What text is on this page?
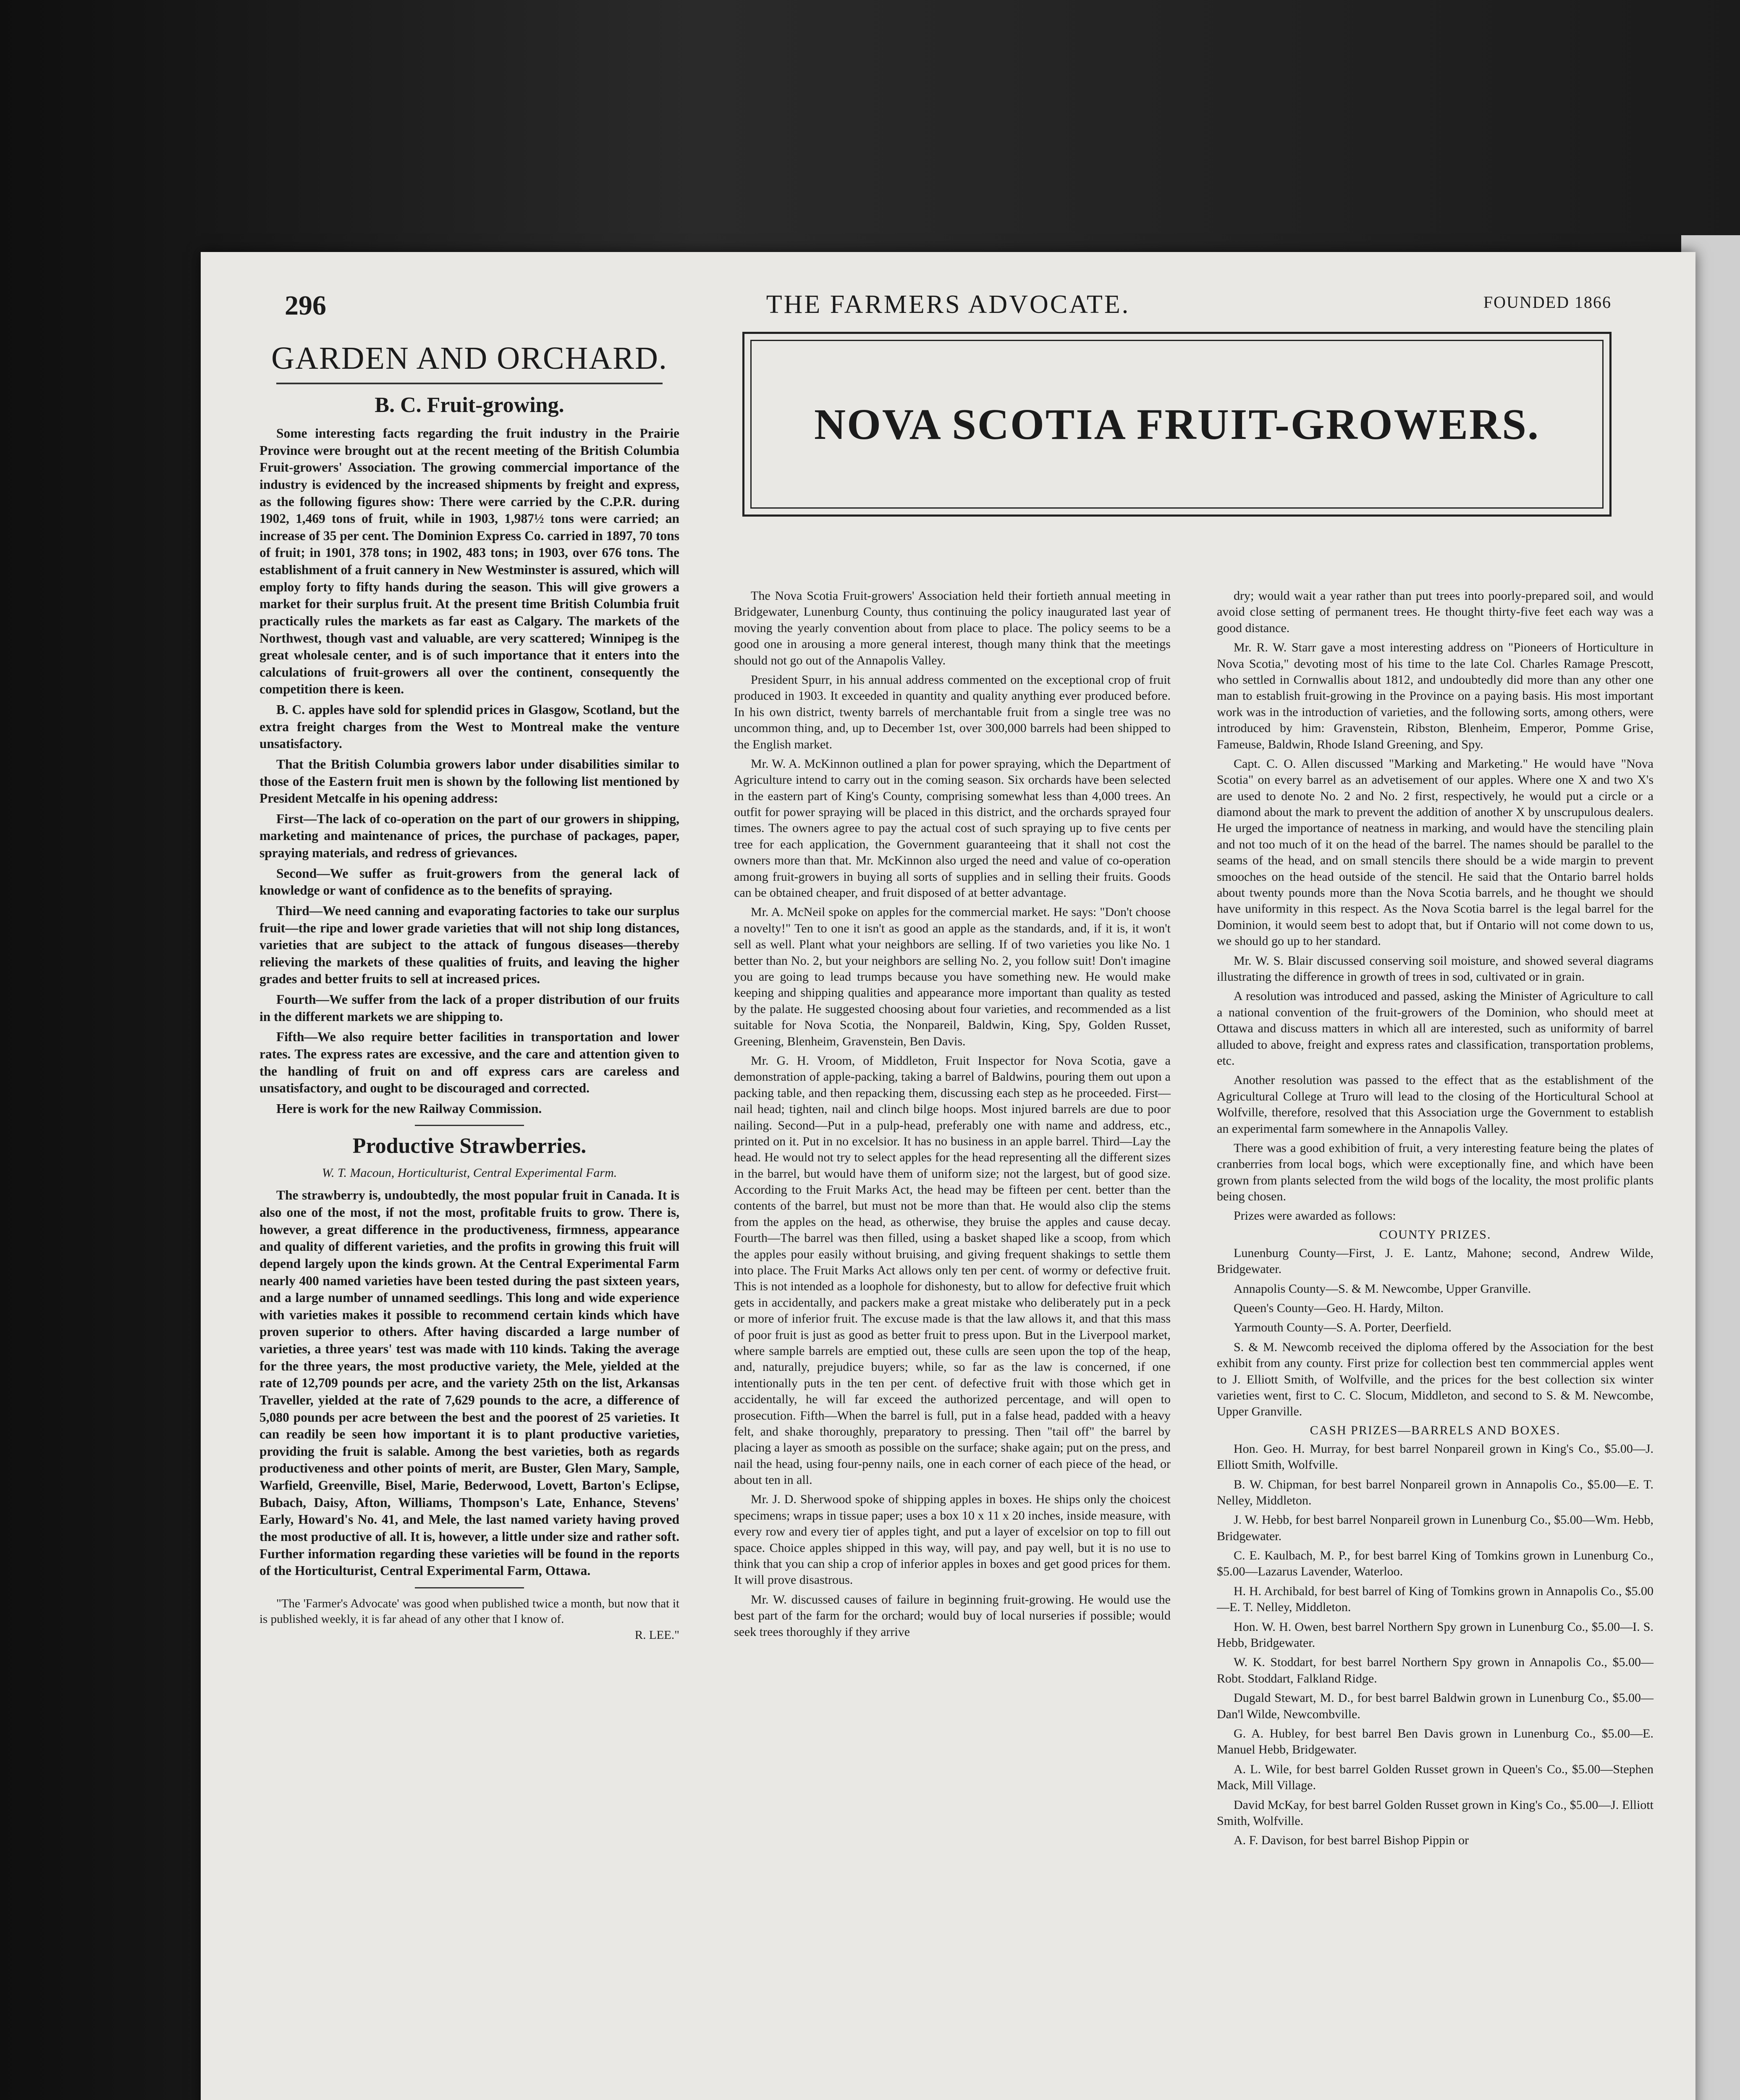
296	THE FARMERS ADVOCATE.	FOUNDED 1866
GARDEN AND ORCHARD.
B. C. Fruit-growing.

Some interesting facts regarding the fruit industry in the Prairie Province were brought out at the recent meeting of the British Columbia Fruit-growers' Association. The growing commercial importance of the industry is evidenced by the increased shipments by freight and express, as the following figures show: There were carried by the C.P.R. during 1902, 1,469 tons of fruit, while in 1903, 1,987½ tons were carried; an increase of 35 per cent. The Dominion Express Co. carried in 1897, 70 tons of fruit; in 1901, 378 tons; in 1902, 483 tons; in 1903, over 676 tons. The establishment of a fruit cannery in New Westminster is assured, which will employ forty to fifty hands during the season. This will give growers a market for their surplus fruit. At the present time British Columbia fruit practically rules the markets as far east as Calgary. The markets of the Northwest, though vast and valuable, are very scattered; Winnipeg is the great wholesale center, and is of such importance that it enters into the calculations of fruit-growers all over the continent, consequently the competition there is keen.

B. C. apples have sold for splendid prices in Glasgow, Scotland, but the extra freight charges from the West to Montreal make the venture unsatisfactory.

That the British Columbia growers labor under disabilities similar to those of the Eastern fruit men is shown by the following list mentioned by President Metcalfe in his opening address:

First—The lack of co-operation on the part of our growers in shipping, marketing and maintenance of prices, the purchase of packages, paper, spraying materials, and redress of grievances.

Second—We suffer as fruit-growers from the general lack of knowledge or want of confidence as to the benefits of spraying.

Third—We need canning and evaporating factories to take our surplus fruit—the ripe and lower grade varieties that will not ship long distances, varieties that are subject to the attack of fungous diseases—thereby relieving the markets of these qualities of fruits, and leaving the higher grades and better fruits to sell at increased prices.

Fourth—We suffer from the lack of a proper distribution of our fruits in the different markets we are shipping to.

Fifth—We also require better facilities in transportation and lower rates. The express rates are excessive, and the care and attention given to the handling of fruit on and off express cars are careless and unsatisfactory, and ought to be discouraged and corrected.

Here is work for the new Railway Commission.

Productive Strawberries.
W. T. Macoun, Horticulturist, Central Experimental Farm.

The strawberry is, undoubtedly, the most popular fruit in Canada. It is also one of the most, if not the most, profitable fruits to grow. There is, however, a great difference in the productiveness, firmness, appearance and quality of different varieties, and the profits in growing this fruit will depend largely upon the kinds grown. At the Central Experimental Farm nearly 400 named varieties have been tested during the past sixteen years, and a large number of unnamed seedlings. This long and wide experience with varieties makes it possible to recommend certain kinds which have proven superior to others. After having discarded a large number of varieties, a three years' test was made with 110 kinds. Taking the average for the three years, the most productive variety, the Mele, yielded at the rate of 12,709 pounds per acre, and the variety 25th on the list, Arkansas Traveller, yielded at the rate of 7,629 pounds to the acre, a difference of 5,080 pounds per acre between the best and the poorest of 25 varieties. It can readily be seen how important it is to plant productive varieties, providing the fruit is salable. Among the best varieties, both as regards productiveness and other points of merit, are Buster, Glen Mary, Sample, Warfield, Greenville, Bisel, Marie, Bederwood, Lovett, Barton's Eclipse, Bubach, Daisy, Afton, Williams, Thompson's Late, Enhance, Stevens' Early, Howard's No. 41, and Mele, the last named variety having proved the most productive of all. It is, however, a little under size and rather soft. Further information regarding these varieties will be found in the reports of the Horticulturist, Central Experimental Farm, Ottawa.

"The 'Farmer's Advocate' was good when published twice a month, but now that it is published weekly, it is far ahead of any other that I know of.

R. LEE."
NOVA SCOTIA FRUIT-GROWERS.

The Nova Scotia Fruit-growers' Association held their fortieth annual meeting in Bridgewater, Lunenburg County, thus continuing the policy inaugurated last year of moving the yearly convention about from place to place. The policy seems to be a good one in arousing a more general interest, though many think that the meetings should not go out of the Annapolis Valley.

President Spurr, in his annual address commented on the exceptional crop of fruit produced in 1903. It exceeded in quantity and quality anything ever produced before. In his own district, twenty barrels of merchantable fruit from a single tree was no uncommon thing, and, up to December 1st, over 300,000 barrels had been shipped to the English market.

Mr. W. A. McKinnon outlined a plan for power spraying, which the Department of Agriculture intend to carry out in the coming season. Six orchards have been selected in the eastern part of King's County, comprising somewhat less than 4,000 trees. An outfit for power spraying will be placed in this district, and the orchards sprayed four times. The owners agree to pay the actual cost of such spraying up to five cents per tree for each application, the Government guaranteeing that it shall not cost the owners more than that. Mr. McKinnon also urged the need and value of co-operation among fruit-growers in buying all sorts of supplies and in selling their fruits. Goods can be obtained cheaper, and fruit disposed of at better advantage.

Mr. A. McNeil spoke on apples for the commercial market. He says: "Don't choose a novelty!" Ten to one it isn't as good an apple as the standards, and, if it is, it won't sell as well. Plant what your neighbors are selling. If of two varieties you like No. 1 better than No. 2, but your neighbors are selling No. 2, you follow suit! Don't imagine you are going to lead trumps because you have something new. He would make keeping and shipping qualities and appearance more important than quality as tested by the palate. He suggested choosing about four varieties, and recommended as a list suitable for Nova Scotia, the Nonpareil, Baldwin, King, Spy, Golden Russet, Greening, Blenheim, Gravenstein, Ben Davis.

Mr. G. H. Vroom, of Middleton, Fruit Inspector for Nova Scotia, gave a demonstration of apple-packing, taking a barrel of Baldwins, pouring them out upon a packing table, and then repacking them, discussing each step as he proceeded. First—nail head; tighten, nail and clinch bilge hoops. Most injured barrels are due to poor nailing. Second—Put in a pulp-head, preferably one with name and address, etc., printed on it. Put in no excelsior. It has no business in an apple barrel. Third—Lay the head. He would not try to select apples for the head representing all the different sizes in the barrel, but would have them of uniform size; not the largest, but of good size. According to the Fruit Marks Act, the head may be fifteen per cent. better than the contents of the barrel, but must not be more than that. He would also clip the stems from the apples on the head, as otherwise, they bruise the apples and cause decay. Fourth—The barrel was then filled, using a basket shaped like a scoop, from which the apples pour easily without bruising, and giving frequent shakings to settle them into place. The Fruit Marks Act allows only ten per cent. of wormy or defective fruit. This is not intended as a loophole for dishonesty, but to allow for defective fruit which gets in accidentally, and packers make a great mistake who deliberately put in a peck or more of inferior fruit. The excuse made is that the law allows it, and that this mass of poor fruit is just as good as better fruit to press upon. But in the Liverpool market, where sample barrels are emptied out, these culls are seen upon the top of the heap, and, naturally, prejudice buyers; while, so far as the law is concerned, if one intentionally puts in the ten per cent. of defective fruit with those which get in accidentally, he will far exceed the authorized percentage, and will open to prosecution. Fifth—When the barrel is full, put in a false head, padded with a heavy felt, and shake thoroughly, preparatory to pressing. Then "tail off" the barrel by placing a layer as smooth as possible on the surface; shake again; put on the press, and nail the head, using four-penny nails, one in each corner of each piece of the head, or about ten in all.

Mr. J. D. Sherwood spoke of shipping apples in boxes. He ships only the choicest specimens; wraps in tissue paper; uses a box 10 x 11 x 20 inches, inside measure, with every row and every tier of apples tight, and put a layer of excelsior on top to fill out space. Choice apples shipped in this way, will pay, and pay well, but it is no use to think that you can ship a crop of inferior apples in boxes and get good prices for them. It will prove disastrous.

Mr. W. discussed causes of failure in beginning fruit-growing. He would use the best part of the farm for the orchard; would buy of local nurseries if possible; would seek trees thoroughly if they arrive

dry; would wait a year rather than put trees into poorly-prepared soil, and would avoid close setting of permanent trees. He thought thirty-five feet each way was a good distance.

Mr. R. W. Starr gave a most interesting address on "Pioneers of Horticulture in Nova Scotia," devoting most of his time to the late Col. Charles Ramage Prescott, who settled in Cornwallis about 1812, and undoubtedly did more than any other one man to establish fruit-growing in the Province on a paying basis. His most important work was in the introduction of varieties, and the following sorts, among others, were introduced by him: Gravenstein, Ribston, Blenheim, Emperor, Pomme Grise, Fameuse, Baldwin, Rhode Island Greening, and Spy.

Capt. C. O. Allen discussed "Marking and Marketing." He would have "Nova Scotia" on every barrel as an advetisement of our apples. Where one X and two X's are used to denote No. 2 and No. 2 first, respectively, he would put a circle or a diamond about the mark to prevent the addition of another X by unscrupulous dealers. He urged the importance of neatness in marking, and would have the stenciling plain and not too much of it on the head of the barrel. The names should be parallel to the seams of the head, and on small stencils there should be a wide margin to prevent smooches on the head outside of the stencil. He said that the Ontario barrel holds about twenty pounds more than the Nova Scotia barrels, and he thought we should have uniformity in this respect. As the Nova Scotia barrel is the legal barrel for the Dominion, it would seem best to adopt that, but if Ontario will not come down to us, we should go up to her standard.

Mr. W. S. Blair discussed conserving soil moisture, and showed several diagrams illustrating the difference in growth of trees in sod, cultivated or in grain.

A resolution was introduced and passed, asking the Minister of Agriculture to call a national convention of the fruit-growers of the Dominion, who should meet at Ottawa and discuss matters in which all are interested, such as uniformity of barrel alluded to above, freight and express rates and classification, transportation problems, etc.

Another resolution was passed to the effect that as the establishment of the Agricultural College at Truro will lead to the closing of the Horticultural School at Wolfville, therefore, resolved that this Association urge the Government to establish an experimental farm somewhere in the Annapolis Valley.

There was a good exhibition of fruit, a very interesting feature being the plates of cranberries from local bogs, which were exceptionally fine, and which have been grown from plants selected from the wild bogs of the locality, the most prolific plants being chosen.

Prizes were awarded as follows:

COUNTY PRIZES.

Lunenburg County—First, J. E. Lantz, Mahone; second, Andrew Wilde, Bridgewater.

Annapolis County—S. & M. Newcombe, Upper Granville.

Queen's County—Geo. H. Hardy, Milton.

Yarmouth County—S. A. Porter, Deerfield.

S. & M. Newcomb received the diploma offered by the Association for the best exhibit from any county. First prize for collection best ten commmercial apples went to J. Elliott Smith, of Wolfville, and the prices for the best collection six winter varieties went, first to C. C. Slocum, Middleton, and second to S. & M. Newcombe, Upper Granville.

CASH PRIZES—BARRELS AND BOXES.

Hon. Geo. H. Murray, for best barrel Nonpareil grown in King's Co., $5.00—J. Elliott Smith, Wolfville.

B. W. Chipman, for best barrel Nonpareil grown in Annapolis Co., $5.00—E. T. Nelley, Middleton.

J. W. Hebb, for best barrel Nonpareil grown in Lunenburg Co., $5.00—Wm. Hebb, Bridgewater.

C. E. Kaulbach, M. P., for best barrel King of Tomkins grown in Lunenburg Co., $5.00—Lazarus Lavender, Waterloo.

H. H. Archibald, for best barrel of King of Tomkins grown in Annapolis Co., $5.00—E. T. Nelley, Middleton.

Hon. W. H. Owen, best barrel Northern Spy grown in Lunenburg Co., $5.00—I. S. Hebb, Bridgewater.

W. K. Stoddart, for best barrel Northern Spy grown in Annapolis Co., $5.00—Robt. Stoddart, Falkland Ridge.

Dugald Stewart, M. D., for best barrel Baldwin grown in Lunenburg Co., $5.00—Dan'l Wilde, Newcombville.

G. A. Hubley, for best barrel Ben Davis grown in Lunenburg Co., $5.00—E. Manuel Hebb, Bridgewater.

A. L. Wile, for best barrel Golden Russet grown in Queen's Co., $5.00—Stephen Mack, Mill Village.

David McKay, for best barrel Golden Russet grown in King's Co., $5.00—J. Elliott Smith, Wolfville.

A. F. Davison, for best barrel Bishop Pippin or
